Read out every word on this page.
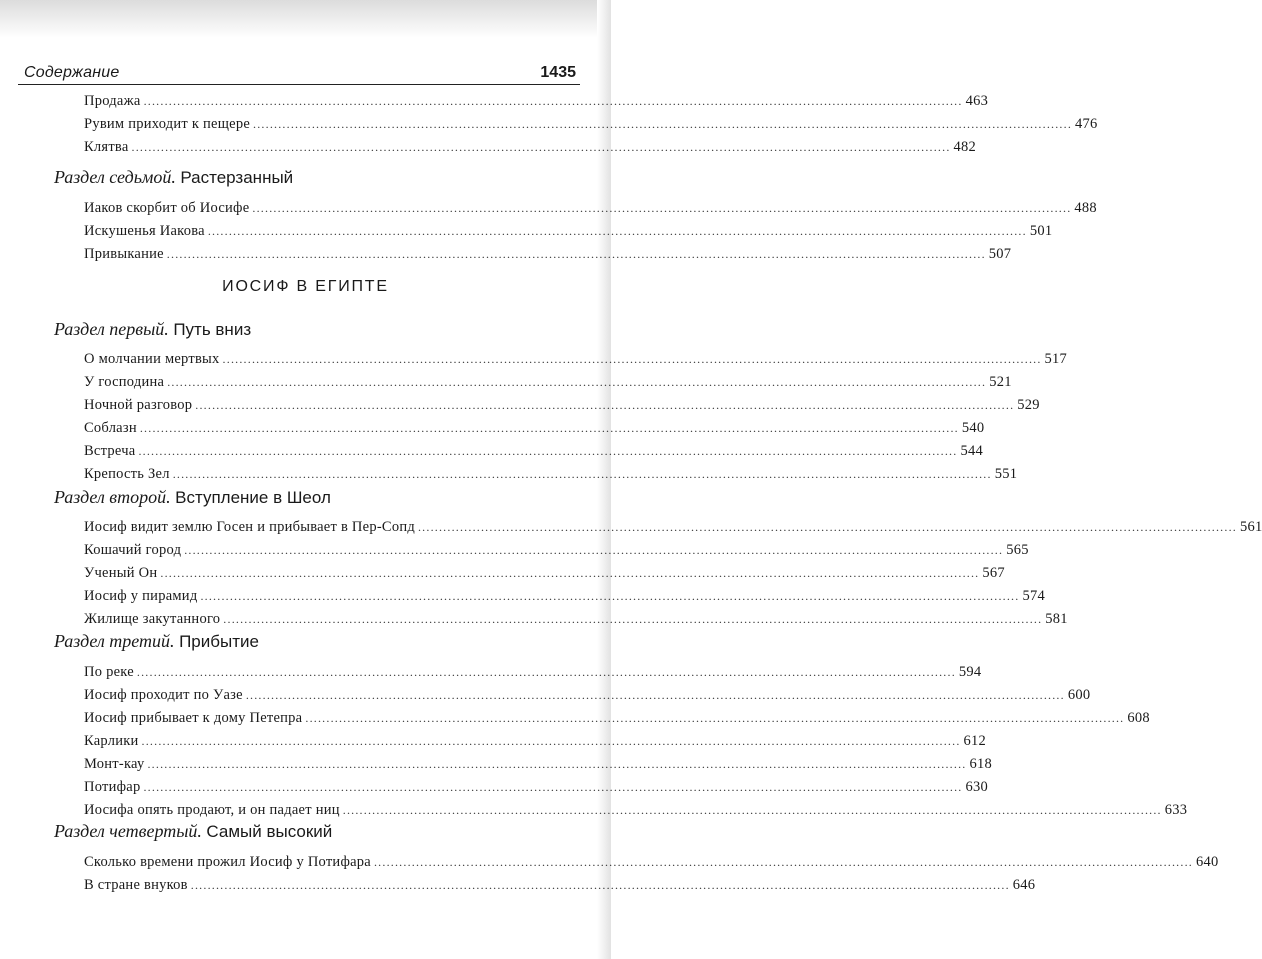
Содержание	1435
Продажа ................................................................................................................................................................................................... 463
Рувим приходит к пещере ................................................................................................................................................................................................... 476
Клятва ................................................................................................................................................................................................... 482
Раздел седьмой. Растерзанный
Иаков скорбит об Иосифе ................................................................................................................................................................................................... 488
Искушенья Иакова ................................................................................................................................................................................................... 501
Привыкание ................................................................................................................................................................................................... 507
ИОСИФ В ЕГИПТЕ
Раздел первый. Путь вниз
О молчании мертвых ................................................................................................................................................................................................... 517
У господина ................................................................................................................................................................................................... 521
Ночной разговор ................................................................................................................................................................................................... 529
Соблазн ................................................................................................................................................................................................... 540
Встреча ................................................................................................................................................................................................... 544
Крепость Зел ................................................................................................................................................................................................... 551
Раздел второй. Вступление в Шеол
Иосиф видит землю Госен и прибывает в Пер-Сопд ................................................................................................................................................................................................... 561
Кошачий город ................................................................................................................................................................................................... 565
Ученый Он ................................................................................................................................................................................................... 567
Иосиф у пирамид ................................................................................................................................................................................................... 574
Жилище закутанного ................................................................................................................................................................................................... 581
Раздел третий. Прибытие
По реке ................................................................................................................................................................................................... 594
Иосиф проходит по Уазе ................................................................................................................................................................................................... 600
Иосиф прибывает к дому Петепра ................................................................................................................................................................................................... 608
Карлики ................................................................................................................................................................................................... 612
Монт-кау ................................................................................................................................................................................................... 618
Потифар ................................................................................................................................................................................................... 630
Иосифа опять продают, и он падает ниц ................................................................................................................................................................................................... 633
Раздел четвертый. Самый высокий
Сколько времени прожил Иосиф у Потифара ................................................................................................................................................................................................... 640
В стране внуков ................................................................................................................................................................................................... 646
